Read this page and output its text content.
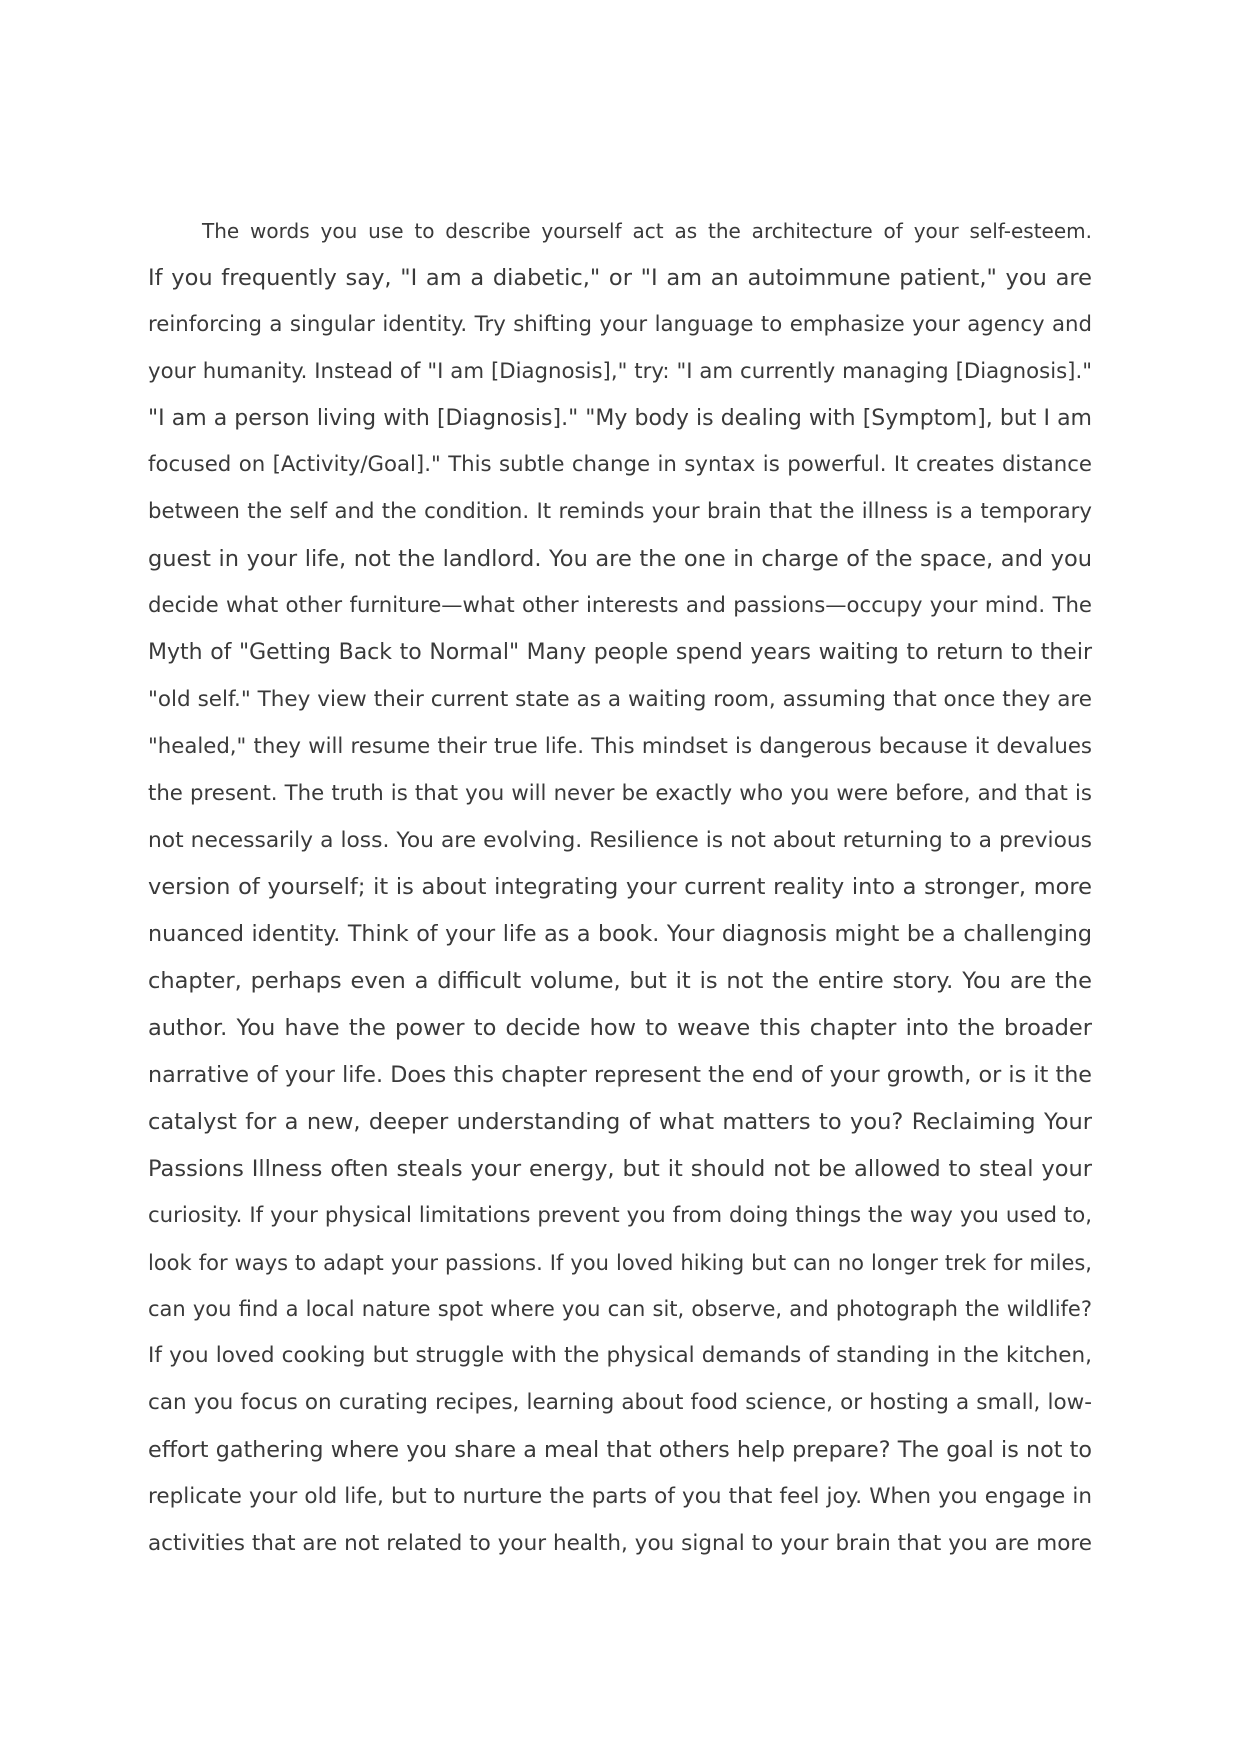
The words you use to describe yourself act as the architecture of your self-esteem.
If you frequently say, "I am a diabetic," or "I am an autoimmune patient," you are
reinforcing a singular identity. Try shifting your language to emphasize your agency and
your humanity. Instead of "I am [Diagnosis]," try: "I am currently managing [Diagnosis]."
"I am a person living with [Diagnosis]." "My body is dealing with [Symptom], but I am
focused on [Activity/Goal]." This subtle change in syntax is powerful. It creates distance
between the self and the condition. It reminds your brain that the illness is a temporary
guest in your life, not the landlord. You are the one in charge of the space, and you
decide what other furniture—what other interests and passions—occupy your mind. The
Myth of "Getting Back to Normal" Many people spend years waiting to return to their
"old self." They view their current state as a waiting room, assuming that once they are
"healed," they will resume their true life. This mindset is dangerous because it devalues
the present. The truth is that you will never be exactly who you were before, and that is
not necessarily a loss. You are evolving. Resilience is not about returning to a previous
version of yourself; it is about integrating your current reality into a stronger, more
nuanced identity. Think of your life as a book. Your diagnosis might be a challenging
chapter, perhaps even a difficult volume, but it is not the entire story. You are the
author. You have the power to decide how to weave this chapter into the broader
narrative of your life. Does this chapter represent the end of your growth, or is it the
catalyst for a new, deeper understanding of what matters to you? Reclaiming Your
Passions Illness often steals your energy, but it should not be allowed to steal your
curiosity. If your physical limitations prevent you from doing things the way you used to,
look for ways to adapt your passions. If you loved hiking but can no longer trek for miles,
can you find a local nature spot where you can sit, observe, and photograph the wildlife?
If you loved cooking but struggle with the physical demands of standing in the kitchen,
can you focus on curating recipes, learning about food science, or hosting a small, low-
effort gathering where you share a meal that others help prepare? The goal is not to
replicate your old life, but to nurture the parts of you that feel joy. When you engage in
activities that are not related to your health, you signal to your brain that you are more
